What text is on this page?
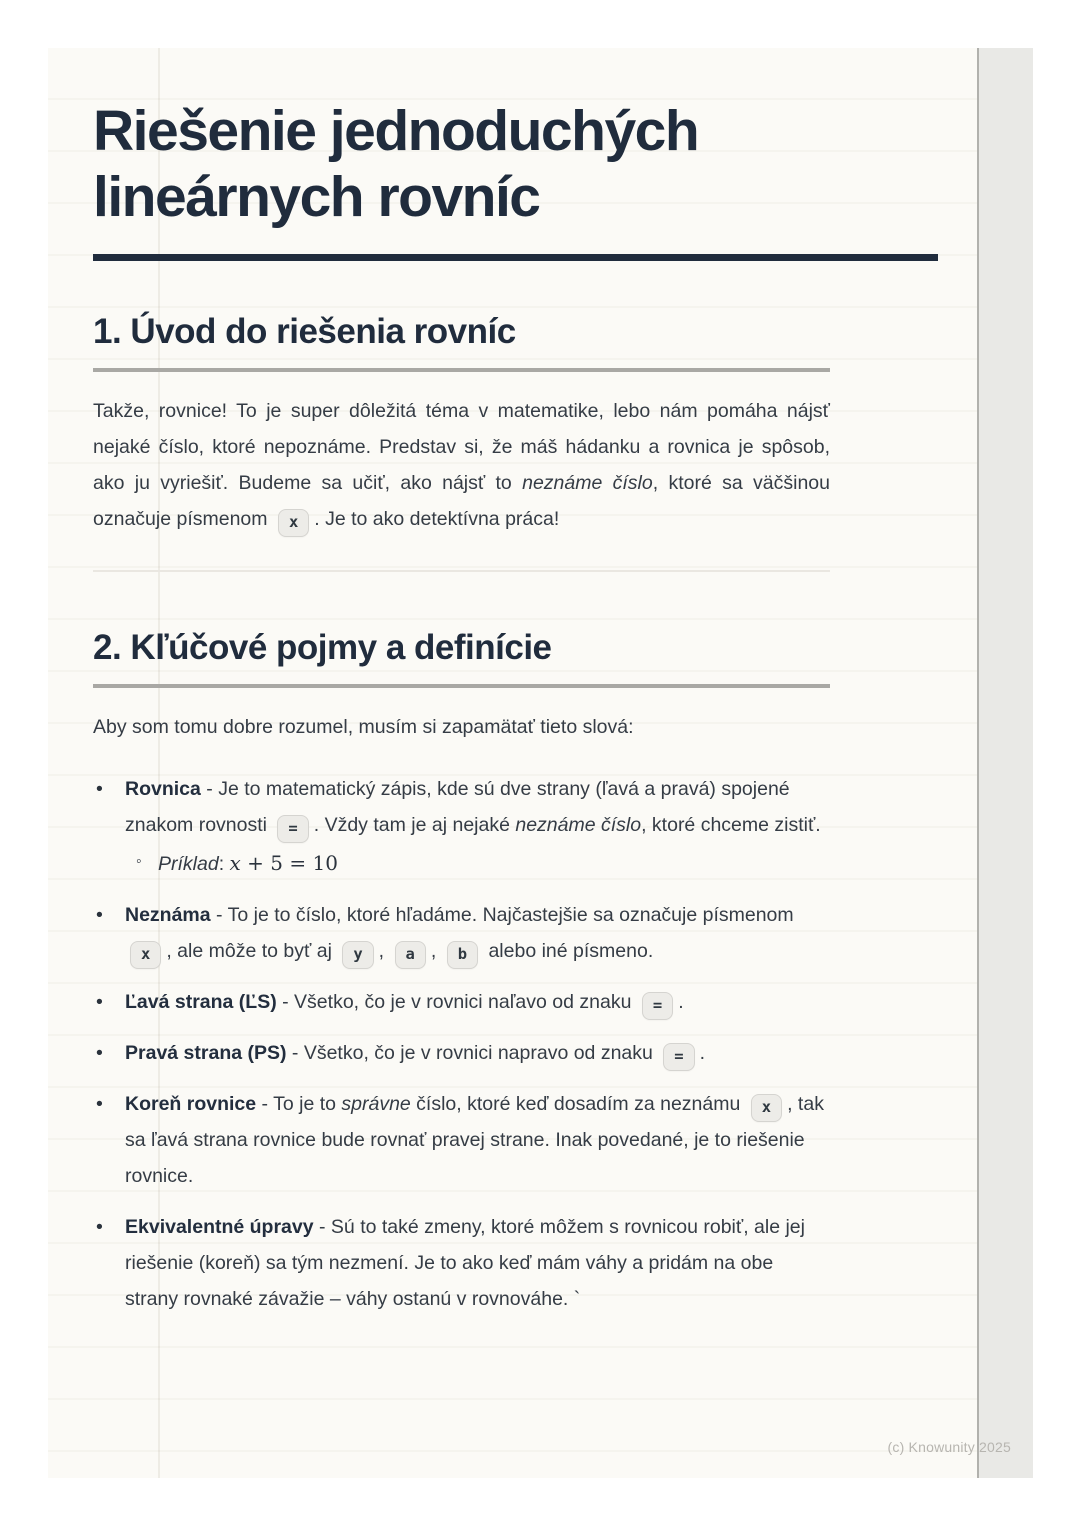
Riešenie jednoduchých lineárnych rovníc
1. Úvod do riešenia rovníc

Takže, rovnice! To je super dôležitá téma v matematike, lebo nám pomáha nájsť nejaké číslo, ktoré nepoznáme. Predstav si, že máš hádanku a rovnica je spôsob, ako ju vyriešiť. Budeme sa učiť, ako nájsť to neznáme číslo, ktoré sa väčšinou označuje písmenom x . Je to ako detektívna práca!

2. Kľúčové pojmy a definície

Aby som tomu dobre rozumel, musím si zapamätať tieto slová:

• Rovnica - Je to matematický zápis, kde sú dve strany (ľavá a pravá) spojené znakom rovnosti = . Vždy tam je aj nejaké neznáme číslo, ktoré chceme zistiť.
◦ Príklad: x + 5 = 10
• Neznáma - To je to číslo, ktoré hľadáme. Najčastejšie sa označuje písmenom x , ale môže to byť aj y , a , b alebo iné písmeno.
• Ľavá strana (ĽS) - Všetko, čo je v rovnici naľavo od znaku = .
• Pravá strana (PS) - Všetko, čo je v rovnici napravo od znaku = .
• Koreň rovnice - To je to správne číslo, ktoré keď dosadím za neznámu x , tak sa ľavá strana rovnice bude rovnať pravej strane. Inak povedané, je to riešenie rovnice.
• Ekvivalentné úpravy - Sú to také zmeny, ktoré môžem s rovnicou robiť, ale jej riešenie (koreň) sa tým nezmení. Je to ako keď mám váhy a pridám na obe strany rovnaké závažie – váhy ostanú v rovnováhe. `
(c) Knowunity 2025
